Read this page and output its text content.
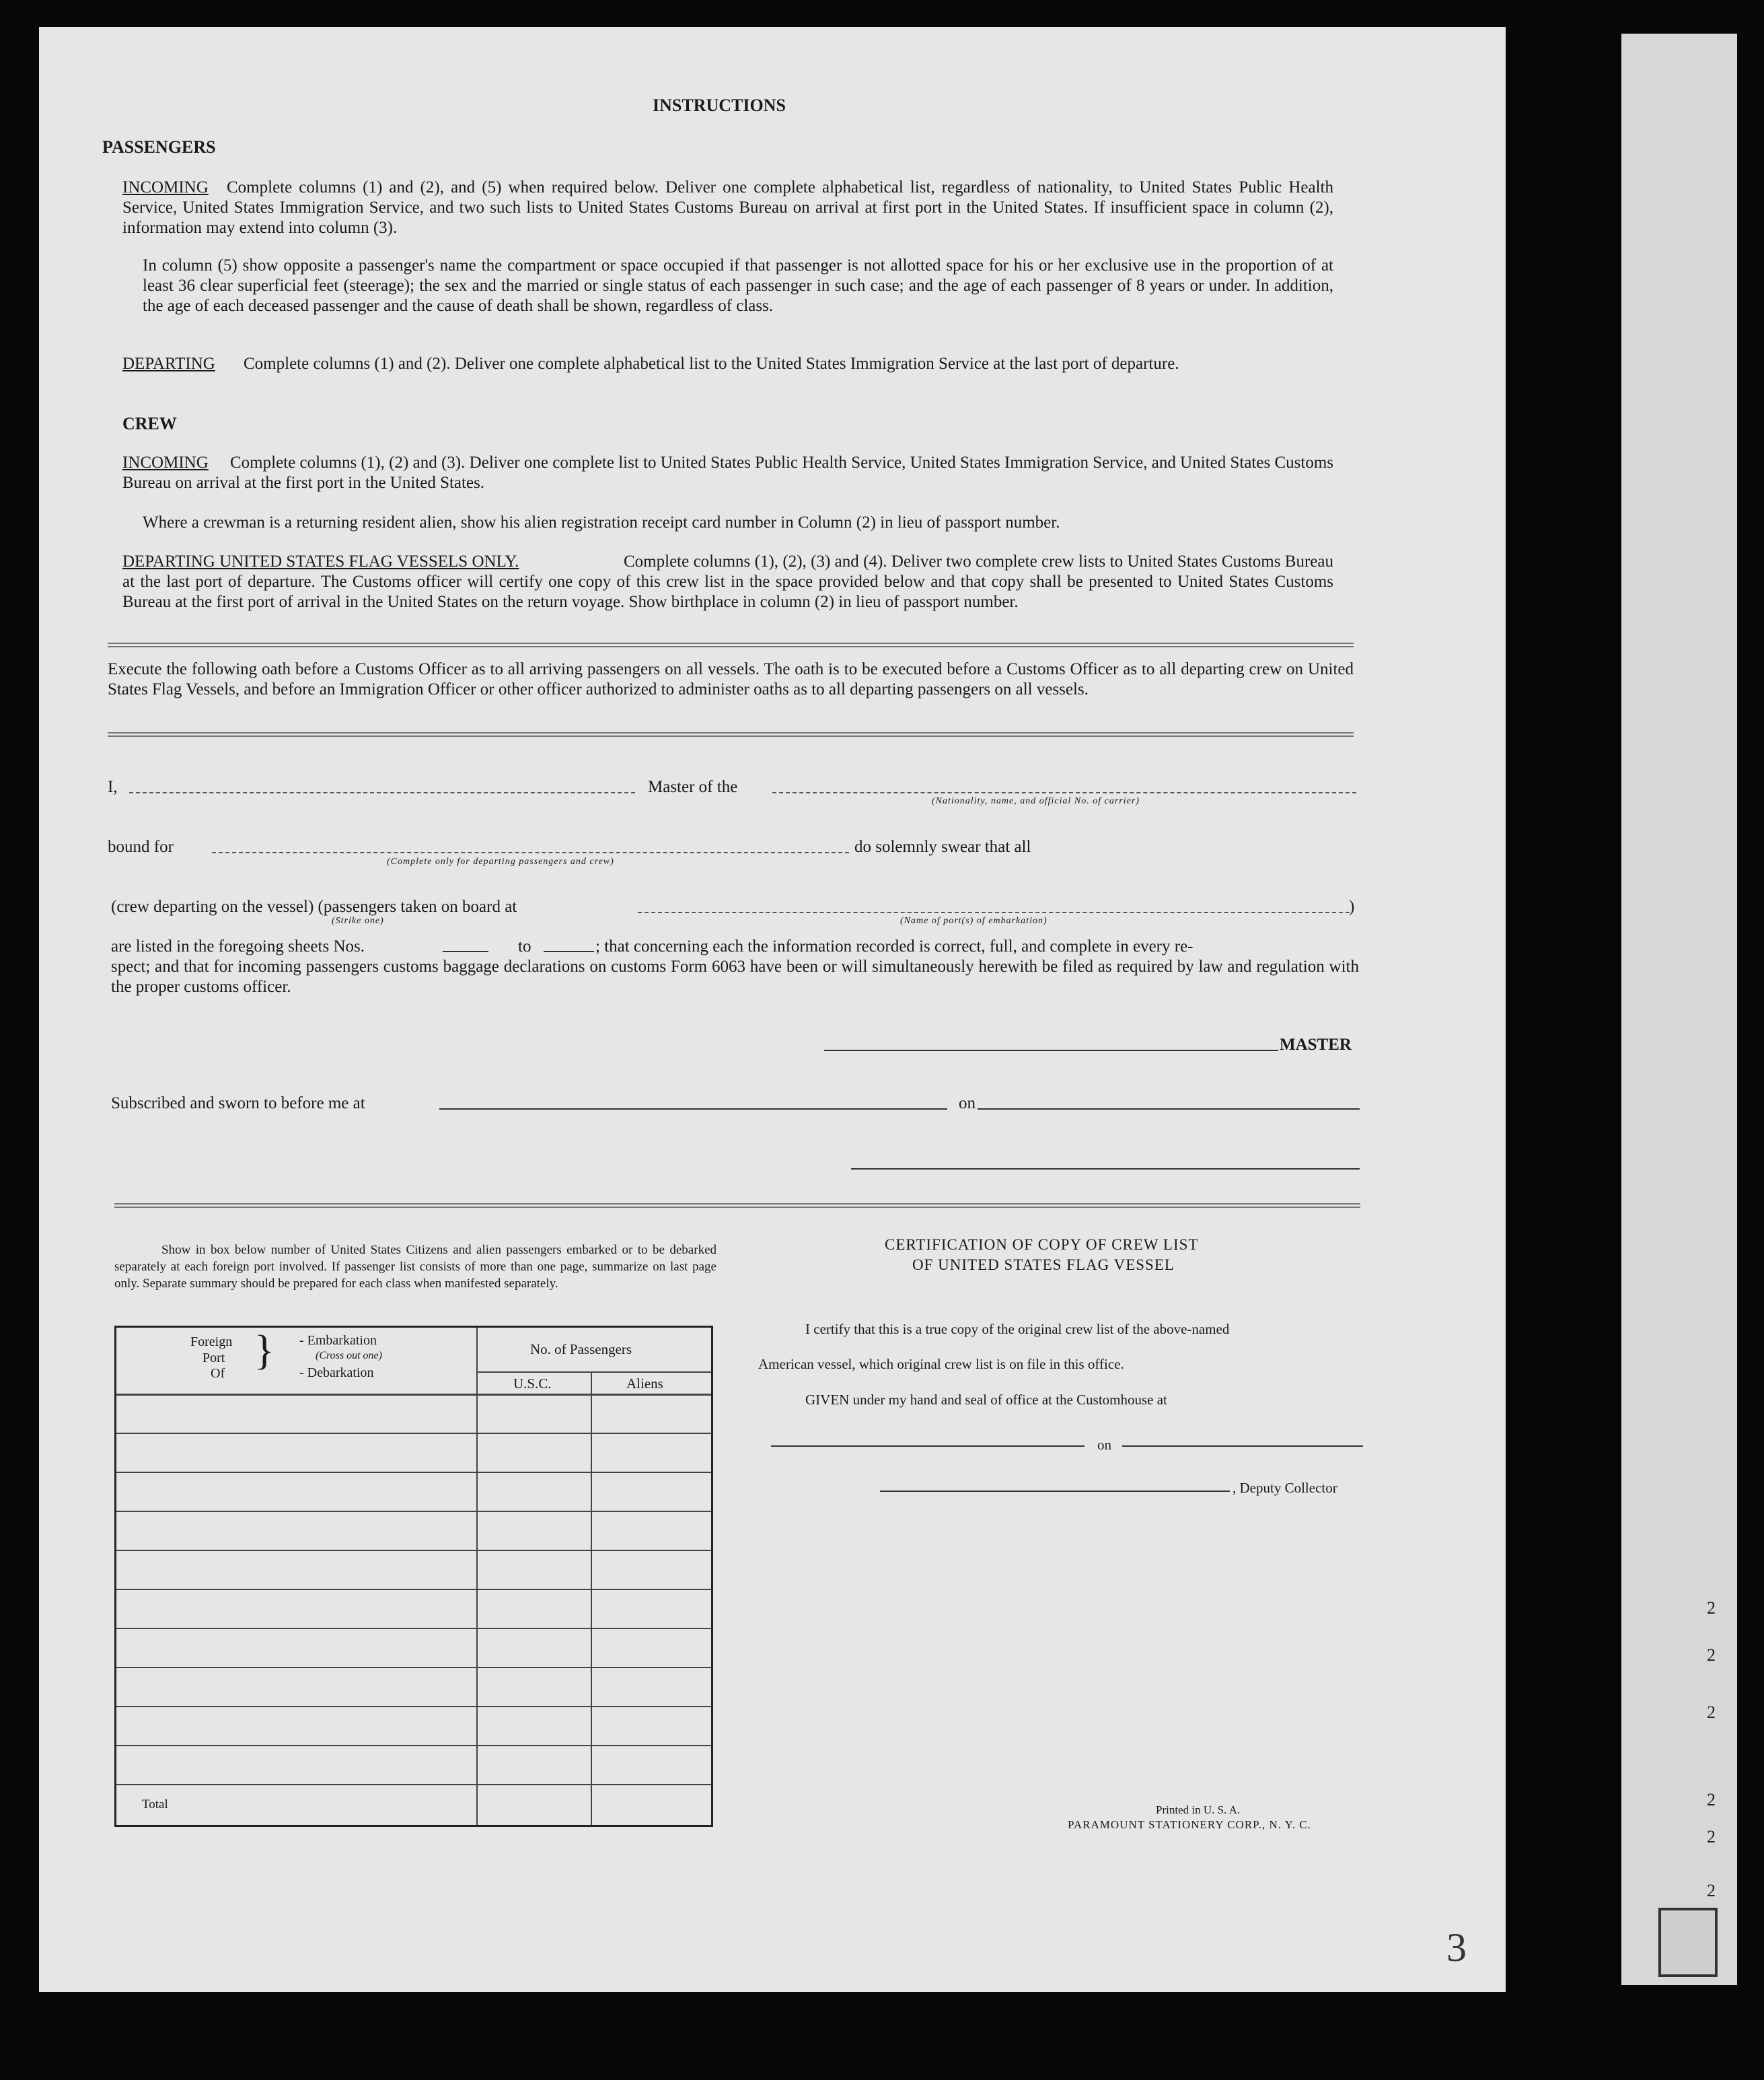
2
2
2
2
2
2
3
INSTRUCTIONS
PASSENGERS
INCOMING	Complete columns (1) and (2), and (5) when required below. Deliver one complete alphabetical list, regardless of nationality, to United States Public Health Service, United States Immigration Service, and two such lists to United States Customs Bureau on arrival at first port in the United States. If insufficient space in column (2), information may extend into column (3).
In column (5) show opposite a passenger's name the compartment or space occupied if that passenger is not allotted space for his or her exclusive use in the proportion of at least 36 clear superficial feet (steerage); the sex and the married or single status of each passenger in such case; and the age of each passenger of 8 years or under. In addition, the age of each deceased passenger and the cause of death shall be shown, regardless of class.
DEPARTING	Complete columns (1) and (2). Deliver one complete alphabetical list to the United States Immigration Service at the last port of departure.
CREW
INCOMING	Complete columns (1), (2) and (3). Deliver one complete list to United States Public Health Service, United States Immigration Service, and United States Customs Bureau on arrival at the first port in the United States.
Where a crewman is a returning resident alien, show his alien registration receipt card number in Column (2) in lieu of passport number.
DEPARTING UNITED STATES FLAG VESSELS ONLY.	Complete columns (1), (2), (3) and (4). Deliver two complete crew lists to United States Customs Bureau at the last port of departure. The Customs officer will certify one copy of this crew list in the space provided below and that copy shall be presented to United States Customs Bureau at the first port of arrival in the United States on the return voyage. Show birthplace in column (2) in lieu of passport number.
Execute the following oath before a Customs Officer as to all arriving passengers on all vessels. The oath is to be executed before a Customs Officer as to all departing crew on United States Flag Vessels, and before an Immigration Officer or other officer authorized to administer oaths as to all departing passengers on all vessels.
I,	Master of the
(Nationality, name, and official No. of carrier)
bound for
(Complete only for departing passengers and crew)
do solemnly swear that all
(crew departing on the vessel) (passengers taken on board at	)
(Strike one)	(Name of port(s) of embarkation)
are listed in the foregoing sheets Nos.	to	; that concerning each the information recorded is correct, full, and complete in every re-
spect; and that for incoming passengers customs baggage declarations on customs Form 6063 have been or will simultaneously herewith be filed as required by law and regulation with the proper customs officer.
MASTER
Subscribed and sworn to before me at	on
Show in box below number of United States Citizens and alien passengers embarked or to be debarked separately at each foreign port involved. If passenger list consists of more than one page, summarize on last page only. Separate summary should be prepared for each class when manifested separately.
Foreign
Port
Of } - Embarkation
(Cross out one)
- Debarkation
No. of Passengers
U.S.C.	Aliens
Total
CERTIFICATION OF COPY OF CREW LIST
OF UNITED STATES FLAG VESSEL
I certify that this is a true copy of the original crew list of the above-named
American vessel, which original crew list is on file in this office.
GIVEN under my hand and seal of office at the Customhouse at
on
, Deputy Collector
Printed in U. S. A.
PARAMOUNT STATIONERY CORP., N. Y. C.
